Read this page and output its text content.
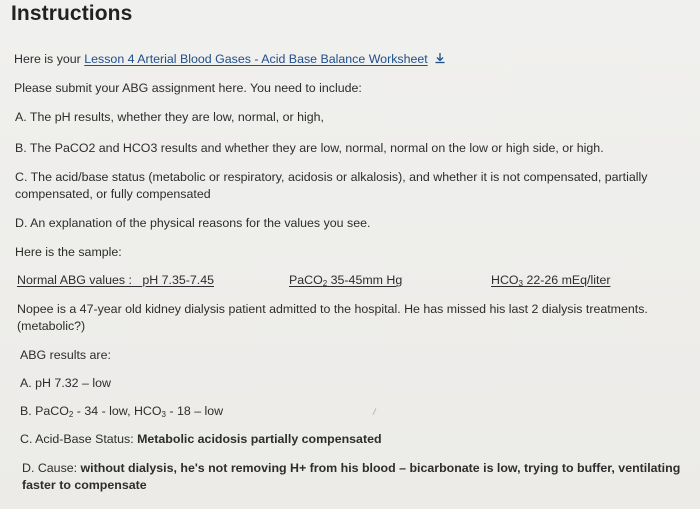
Instructions
Here is your Lesson 4 Arterial Blood Gases - Acid Base Balance Worksheet
Please submit your ABG assignment here. You need to include:
A. The pH results, whether they are low, normal, or high,
B. The PaCO2 and HCO3 results and whether they are low, normal, normal on the low or high side, or high.
C. The acid/base status (metabolic or respiratory, acidosis or alkalosis), and whether it is not compensated, partially compensated, or fully compensated
D. An explanation of the physical reasons for the values you see.
Here is the sample:
Normal ABG values : pH 7.35-7.45	PaCO$_2$ 35-45mm Hg	$HCO_3$ 22-26 mEq/liter
Nopee is a 47-year old kidney dialysis patient admitted to the hospital. He has missed his last 2 dialysis treatments. (metabolic?)
ABG results are:
A. pH 7.32 – low
B. PaCO$_2$ - 34 - low, $HCO_3 - 18$ – low
C. Acid-Base Status: Metabolic acidosis partially compensated
D. Cause: without dialysis, he's not removing H+ from his blood – bicarbonate is low, trying to buffer, ventilating faster to compensate
